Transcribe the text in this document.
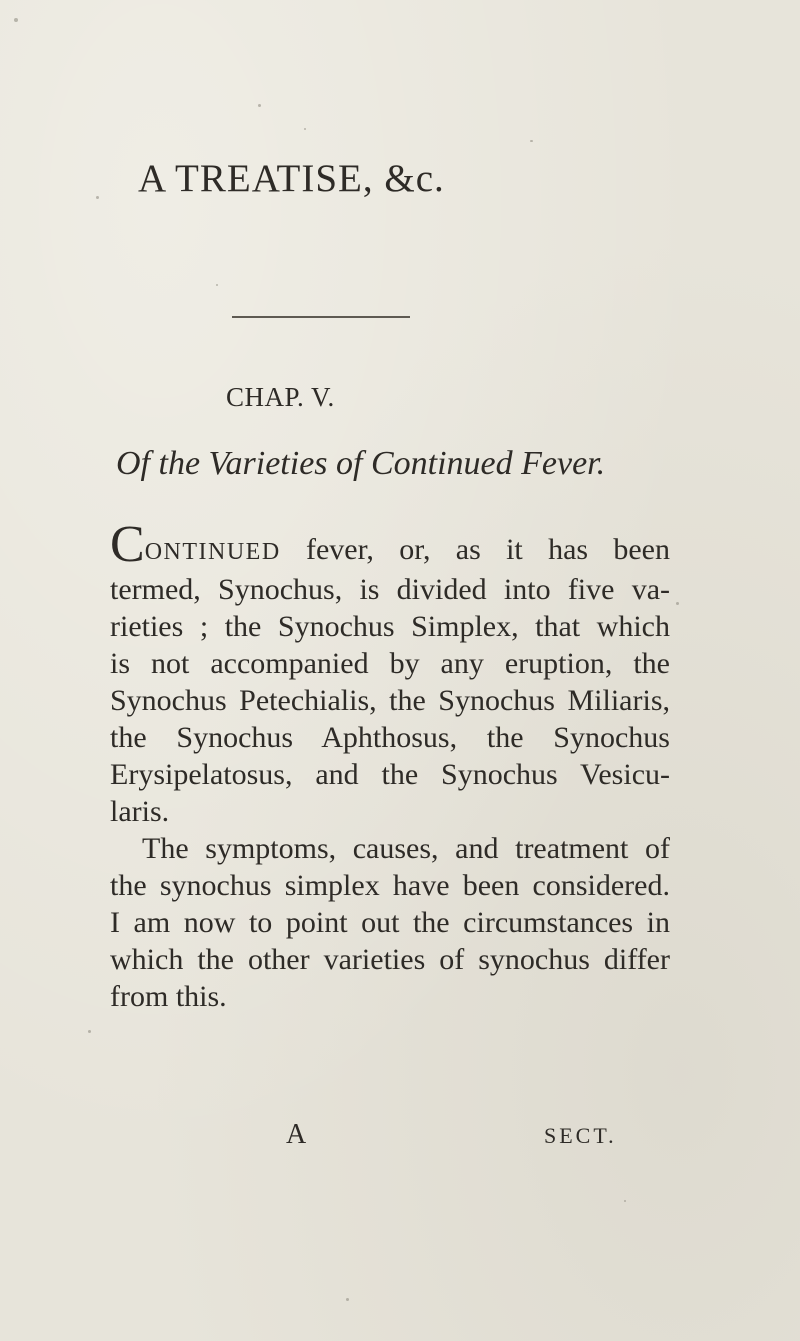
A TREATISE, &c.
CHAP. V.
Of the Varieties of Continued Fever.
CONTINUED fever, or, as it has been
termed, Synochus, is divided into five va-
rieties ; the Synochus Simplex, that which
is not accompanied by any eruption, the
Synochus Petechialis, the Synochus Miliaris,
the Synochus Aphthosus, the Synochus
Erysipelatosus, and the Synochus Vesicu-
laris.
The symptoms, causes, and treatment of
the synochus simplex have been considered.
I am now to point out the circumstances in
which the other varieties of synochus differ
from this.
A	SECT.
